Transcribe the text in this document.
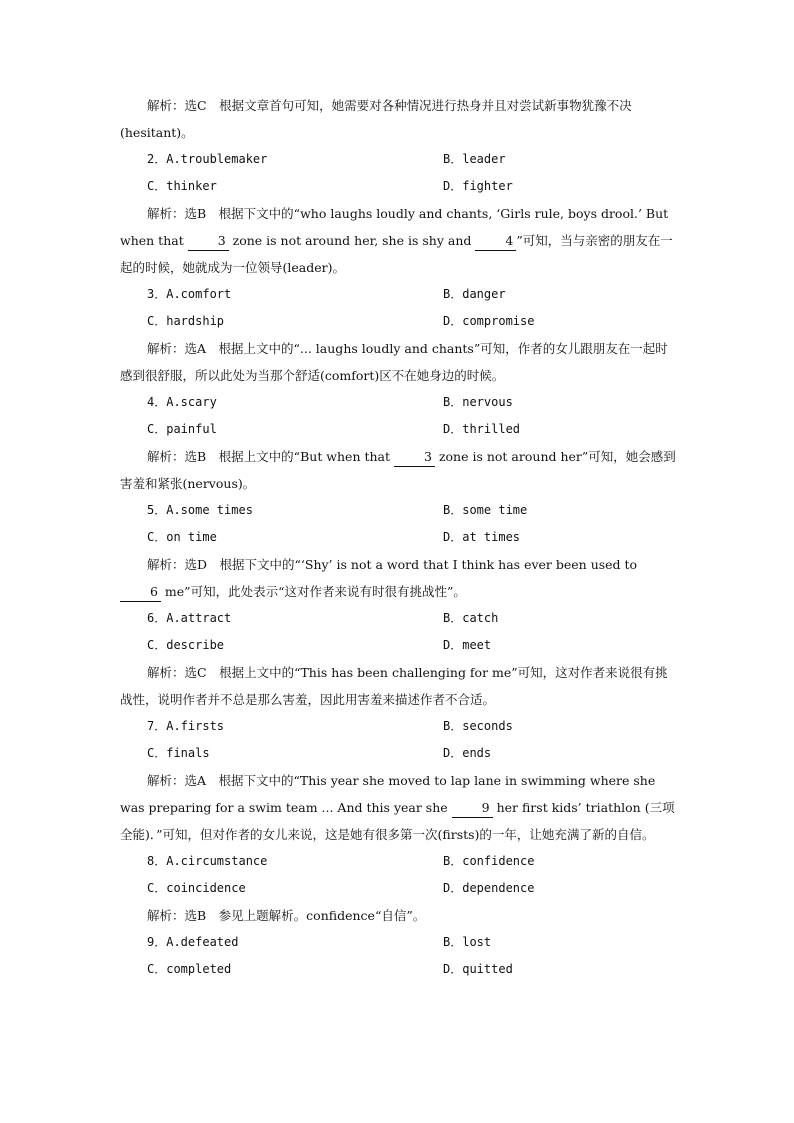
解析：选C　根据文章首句可知，她需要对各种情况进行热身并且对尝试新事物犹豫不决(hesitant)。
2．A.troublemaker	B．leader
C．thinker	D．fighter
解析：选B　根据下文中的“who laughs loudly and chants, ‘Girls rule, boys drool.’ But when that 3 zone is not around her, she is shy and 4 ”可知，当与亲密的朋友在一起的时候，她就成为一位领导(leader)。
3．A.comfort	B．danger
C．hardship	D．compromise
解析：选A　根据上文中的“... laughs loudly and chants”可知，作者的女儿跟朋友在一起时感到很舒服，所以此处为当那个舒适(comfort)区不在她身边的时候。
4．A.scary	B．nervous
C．painful	D．thrilled
解析：选B　根据上文中的“But when that 3 zone is not around her”可知，她会感到害羞和紧张(nervous)。
5．A.some times	B．some time
C．on time	D．at times
解析：选D　根据下文中的“‘Shy’ is not a word that I think has ever been used to 6 me”可知，此处表示“这对作者来说有时很有挑战性”。
6．A.attract	B．catch
C．describe	D．meet
解析：选C　根据上文中的“This has been challenging for me”可知，这对作者来说很有挑战性，说明作者并不总是那么害羞，因此用害羞来描述作者不合适。
7．A.firsts	B．seconds
C．finals	D．ends
解析：选A　根据下文中的“This year she moved to lap lane in swimming where she was preparing for a swim team ... And this year she 9 her first kids’ triathlon (三项全能)．”可知，但对作者的女儿来说，这是她有很多第一次(firsts)的一年，让她充满了新的自信。
8．A.circumstance	B．confidence
C．coincidence	D．dependence
解析：选B　参见上题解析。confidence“自信”。
9．A.defeated	B．lost
C．completed	D．quitted
